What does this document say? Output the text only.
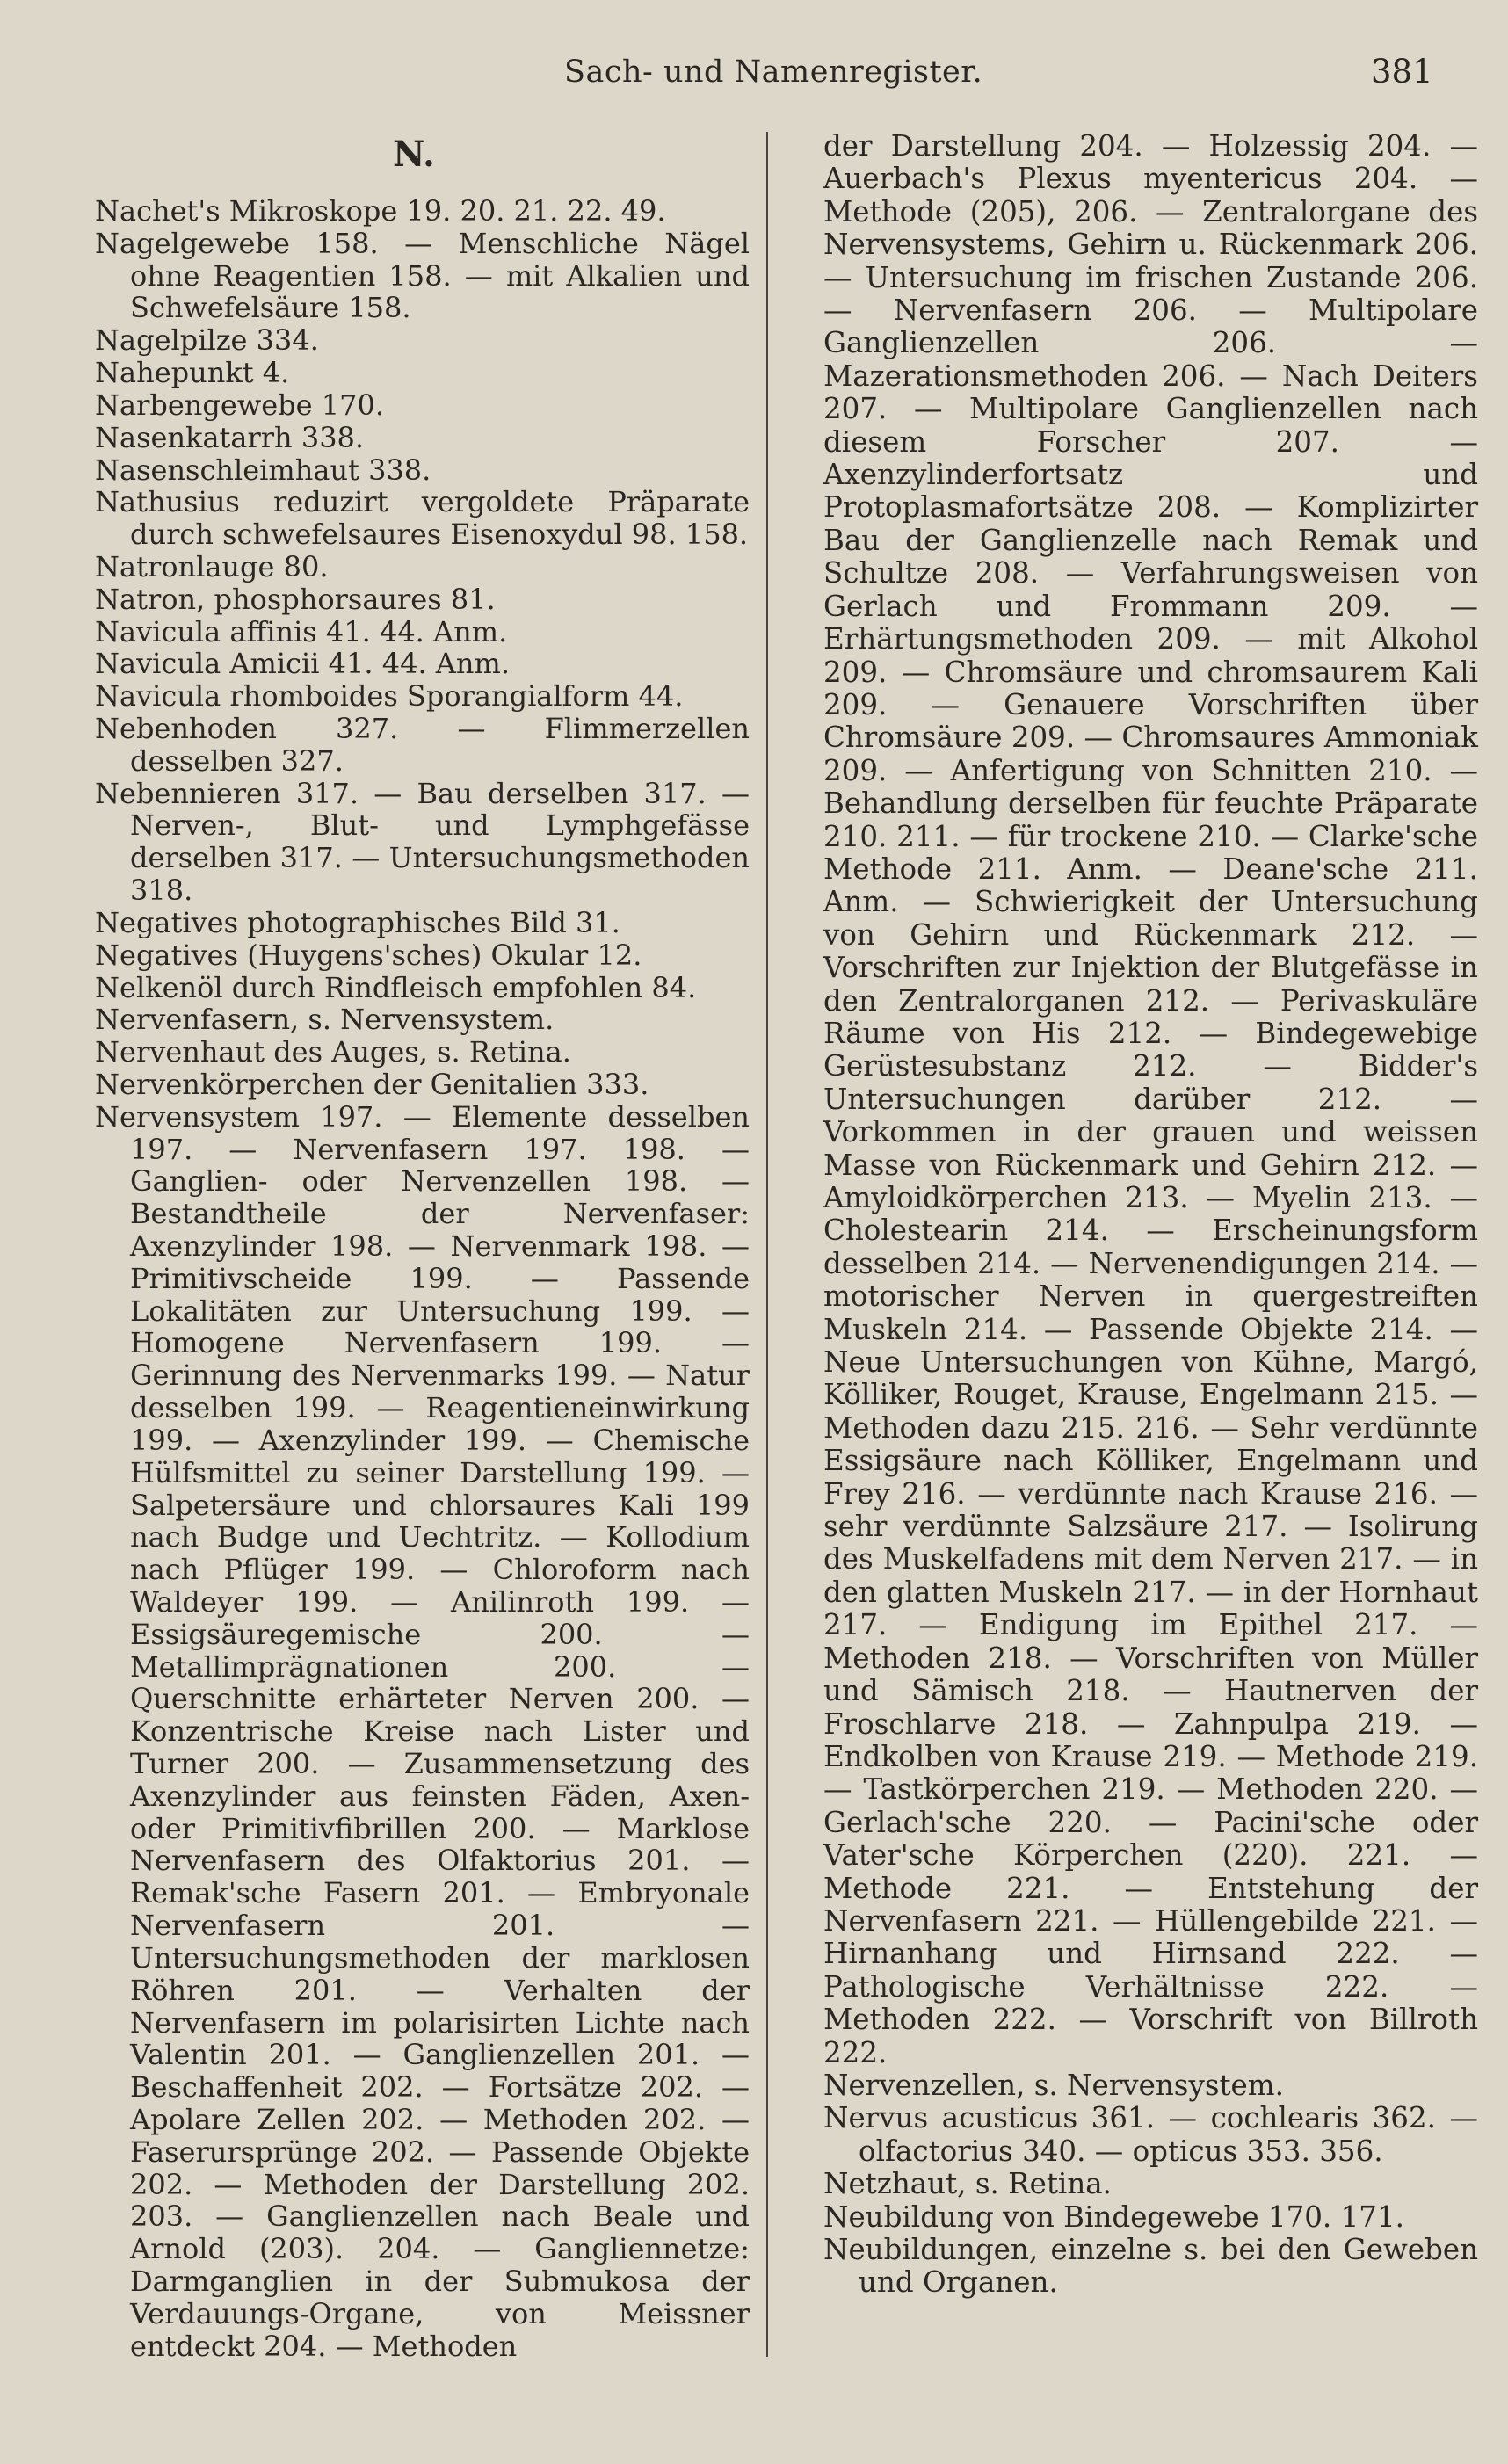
Sach- und Namenregister.	381
N.

Nachet's Mikroskope 19. 20. 21. 22. 49.

Nagelgewebe 158. — Menschliche Nägel ohne Reagentien 158. — mit Alkalien und Schwefelsäure 158.

Nagelpilze 334.

Nahepunkt 4.

Narbengewebe 170.

Nasenkatarrh 338.

Nasenschleimhaut 338.

Nathusius reduzirt vergoldete Präparate durch schwefelsaures Eisenoxydul 98. 158.

Natronlauge 80.

Natron, phosphorsaures 81.

Navicula affinis 41. 44. Anm.

Navicula Amicii 41. 44. Anm.

Navicula rhomboides Sporangialform 44.

Nebenhoden 327. — Flimmerzellen desselben 327.

Nebennieren 317. — Bau derselben 317. — Nerven-, Blut- und Lymphgefässe derselben 317. — Untersuchungsmethoden 318.

Negatives photographisches Bild 31.

Negatives (Huygens'sches) Okular 12.

Nelkenöl durch Rindfleisch empfohlen 84.

Nervenfasern, s. Nervensystem.

Nervenhaut des Auges, s. Retina.

Nervenkörperchen der Genitalien 333.

Nervensystem 197. — Elemente desselben 197. — Nervenfasern 197. 198. — Ganglien- oder Nervenzellen 198. — Bestandtheile der Nervenfaser: Axenzylinder 198. — Nervenmark 198. — Primitivscheide 199. — Passende Lokalitäten zur Untersuchung 199. — Homogene Nervenfasern 199. — Gerinnung des Nervenmarks 199. — Natur desselben 199. — Reagentieneinwirkung 199. — Axenzylinder 199. — Chemische Hülfsmittel zu seiner Darstellung 199. — Salpetersäure und chlorsaures Kali 199 nach Budge und Uechtritz. — Kollodium nach Pflüger 199. — Chloroform nach Waldeyer 199. — Anilinroth 199. — Essigsäuregemische 200. — Metallimprägnationen 200. — Querschnitte erhärteter Nerven 200. — Konzentrische Kreise nach Lister und Turner 200. — Zusammensetzung des Axenzylinder aus feinsten Fäden, Axen- oder Primitivfibrillen 200. — Marklose Nervenfasern des Olfaktorius 201. — Remak'sche Fasern 201. — Embryonale Nervenfasern 201. — Untersuchungsmethoden der marklosen Röhren 201. — Verhalten der Nervenfasern im polarisirten Lichte nach Valentin 201. — Ganglienzellen 201. — Beschaffenheit 202. — Fortsätze 202. — Apolare Zellen 202. — Methoden 202. — Faserursprünge 202. — Passende Objekte 202. — Methoden der Darstellung 202. 203. — Ganglienzellen nach Beale und Arnold (203). 204. — Gangliennetze: Darmganglien in der Submukosa der Verdauungs-Organe, von Meissner entdeckt 204. — Methoden

der Darstellung 204. — Holzessig 204. — Auerbach's Plexus myentericus 204. — Methode (205), 206. — Zentralorgane des Nervensystems, Gehirn u. Rückenmark 206. — Untersuchung im frischen Zustande 206. — Nervenfasern 206. — Multipolare Ganglienzellen 206. — Mazerationsmethoden 206. — Nach Deiters 207. — Multipolare Ganglienzellen nach diesem Forscher 207. — Axenzylinderfortsatz und Protoplasmafortsätze 208. — Komplizirter Bau der Ganglienzelle nach Remak und Schultze 208. — Verfahrungsweisen von Gerlach und Frommann 209. — Erhärtungsmethoden 209. — mit Alkohol 209. — Chromsäure und chromsaurem Kali 209. — Genauere Vorschriften über Chromsäure 209. — Chromsaures Ammoniak 209. — Anfertigung von Schnitten 210. — Behandlung derselben für feuchte Präparate 210. 211. — für trockene 210. — Clarke'sche Methode 211. Anm. — Deane'sche 211. Anm. — Schwierigkeit der Untersuchung von Gehirn und Rückenmark 212. — Vorschriften zur Injektion der Blutgefässe in den Zentralorganen 212. — Perivaskuläre Räume von His 212. — Bindegewebige Gerüstesubstanz 212. — Bidder's Untersuchungen darüber 212. — Vorkommen in der grauen und weissen Masse von Rückenmark und Gehirn 212. — Amyloidkörperchen 213. — Myelin 213. — Cholestearin 214. — Erscheinungsform desselben 214. — Nervenendigungen 214. — motorischer Nerven in quergestreiften Muskeln 214. — Passende Objekte 214. — Neue Untersuchungen von Kühne, Margó, Kölliker, Rouget, Krause, Engelmann 215. — Methoden dazu 215. 216. — Sehr verdünnte Essigsäure nach Kölliker, Engelmann und Frey 216. — verdünnte nach Krause 216. — sehr verdünnte Salzsäure 217. — Isolirung des Muskelfadens mit dem Nerven 217. — in den glatten Muskeln 217. — in der Hornhaut 217. — Endigung im Epithel 217. — Methoden 218. — Vorschriften von Müller und Sämisch 218. — Hautnerven der Froschlarve 218. — Zahnpulpa 219. — Endkolben von Krause 219. — Methode 219. — Tastkörperchen 219. — Methoden 220. — Gerlach'sche 220. — Pacini'sche oder Vater'sche Körperchen (220). 221. — Methode 221. — Entstehung der Nervenfasern 221. — Hüllengebilde 221. — Hirnanhang und Hirnsand 222. — Pathologische Verhältnisse 222. — Methoden 222. — Vorschrift von Billroth 222.

Nervenzellen, s. Nervensystem.

Nervus acusticus 361. — cochlearis 362. — olfactorius 340. — opticus 353. 356.

Netzhaut, s. Retina.

Neubildung von Bindegewebe 170. 171.

Neubildungen, einzelne s. bei den Geweben und Organen.
